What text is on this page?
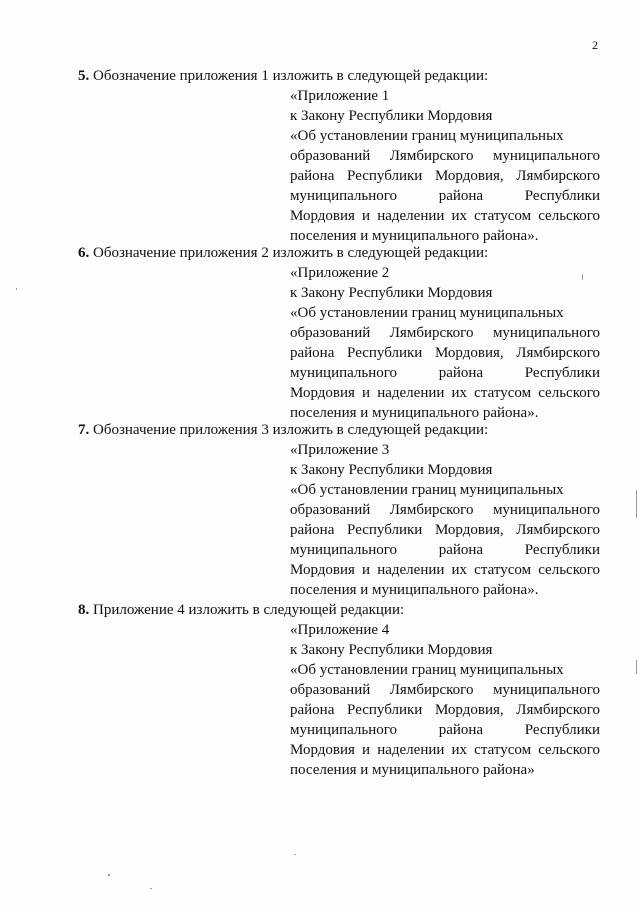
2
5. Обозначение приложения 1 изложить в следующей редакции:
«Приложение 1
к Закону Республики Мордовия
«Об установлении границ муниципальных
образований Лямбирского муниципального
района Республики Мордовия, Лямбирского
муниципального района Республики
Мордовия и наделении их статусом сельского
поселения и муниципального района».
6. Обозначение приложения 2 изложить в следующей редакции:
«Приложение 2
к Закону Республики Мордовия
«Об установлении границ муниципальных
образований Лямбирского муниципального
района Республики Мордовия, Лямбирского
муниципального района Республики
Мордовия и наделении их статусом сельского
поселения и муниципального района».
7. Обозначение приложения 3 изложить в следующей редакции:
«Приложение 3
к Закону Республики Мордовия
«Об установлении границ муниципальных
образований Лямбирского муниципального
района Республики Мордовия, Лямбирского
муниципального района Республики
Мордовия и наделении их статусом сельского
поселения и муниципального района».
8. Приложение 4 изложить в следующей редакции:
«Приложение 4
к Закону Республики Мордовия
«Об установлении границ муниципальных
образований Лямбирского муниципального
района Республики Мордовия, Лямбирского
муниципального района Республики
Мордовия и наделении их статусом сельского
поселения и муниципального района»
